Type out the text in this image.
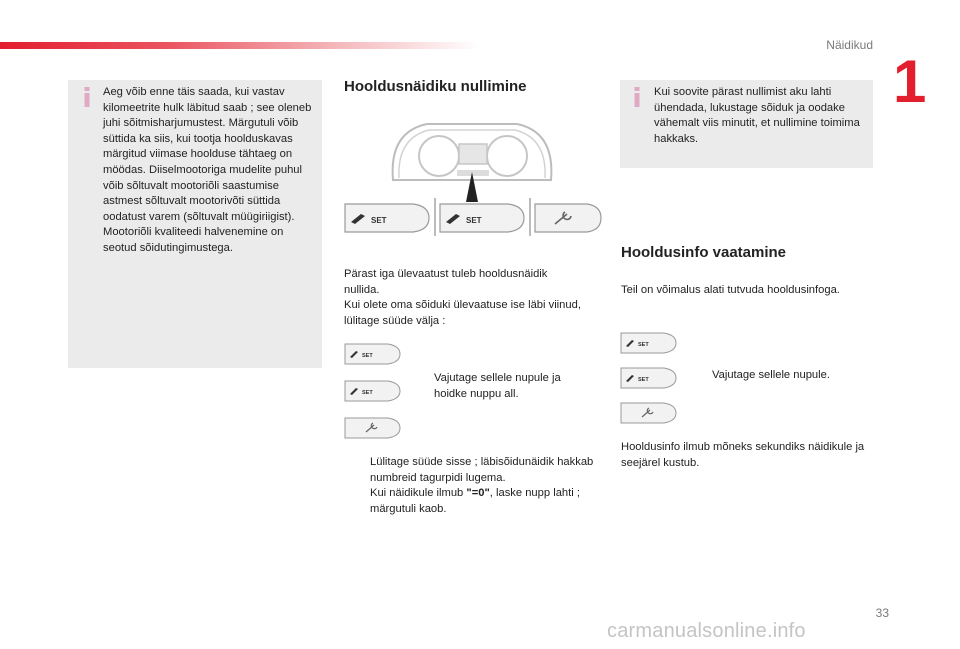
Näidikud
1

Aeg võib enne täis saada, kui vastav kilomeetrite hulk läbitud saab ; see oleneb juhi sõitmisharjumustest. Märgutuli võib süttida ka siis, kui tootja hoolduskavas märgitud viimase hoolduse tähtaeg on möödas. Diiselmootoriga mudelite puhul võib sõltuvalt mootoriõli saastumise astmest sõltuvalt mootorivõti süttida oodatust varem (sõltuvalt müügiriigist). Mootoriõli kvaliteedi halvenemine on seotud sõidutingimustega.

Kui soovite pärast nullimist aku lahti ühendada, lukustage sõiduk ja oodake vähemalt viis minutit, et nullimine toimima hakkaks.

Hooldusnäidiku nullimine
SET	SET

Pärast iga ülevaatust tuleb hooldusnäidik

nullida.

Kui olete oma sõiduki ülevaatuse ise läbi viinud,

lülitage süüde välja :

SET
SET
Vajutage sellele nupule ja hoidke nuppu all.
Lülitage süüde sisse ; läbisõidunäidik hakkab numbreid tagurpidi lugema.
Kui näidikule ilmub "=0", laske nupp lahti ; märgutuli kaob.
Hooldusinfo vaatamine

Teil on võimalus alati tutvuda hooldusinfoga.

SET
SET	Vajutage sellele nupule.

Hooldusinfo ilmub mõneks sekundiks näidikule ja seejärel kustub.

33
carmanualsonline.info
